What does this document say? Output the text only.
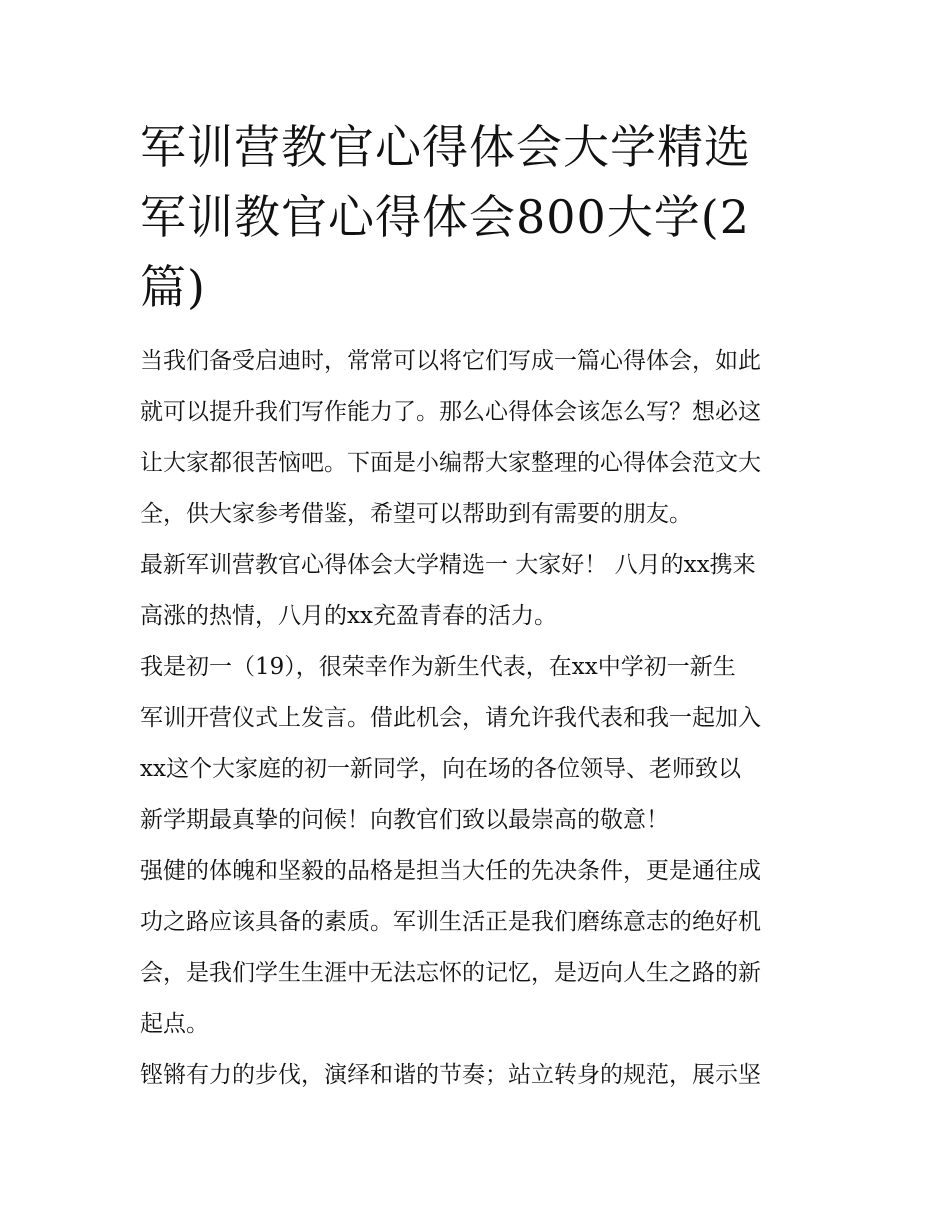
军训营教官心得体会大学精选
军训教官心得体会800大学(2
篇)

当我们备受启迪时，常常可以将它们写成一篇心得体会，如此
就可以提升我们写作能力了。那么心得体会该怎么写？想必这
让大家都很苦恼吧。下面是小编帮大家整理的心得体会范文大
全，供大家参考借鉴，希望可以帮助到有需要的朋友。

最新军训营教官心得体会大学精选一 大家好！ 八月的xx携来
高涨的热情，八月的xx充盈青春的活力。

我是初一（19），很荣幸作为新生代表，在xx中学初一新生
军训开营仪式上发言。借此机会，请允许我代表和我一起加入
xx这个大家庭的初一新同学，向在场的各位领导、老师致以
新学期最真挚的问候！向教官们致以最崇高的敬意！

强健的体魄和坚毅的品格是担当大任的先决条件，更是通往成
功之路应该具备的素质。军训生活正是我们磨练意志的绝好机
会，是我们学生生涯中无法忘怀的记忆，是迈向人生之路的新
起点。

铿锵有力的步伐，演绎和谐的节奏；站立转身的规范，展示坚
